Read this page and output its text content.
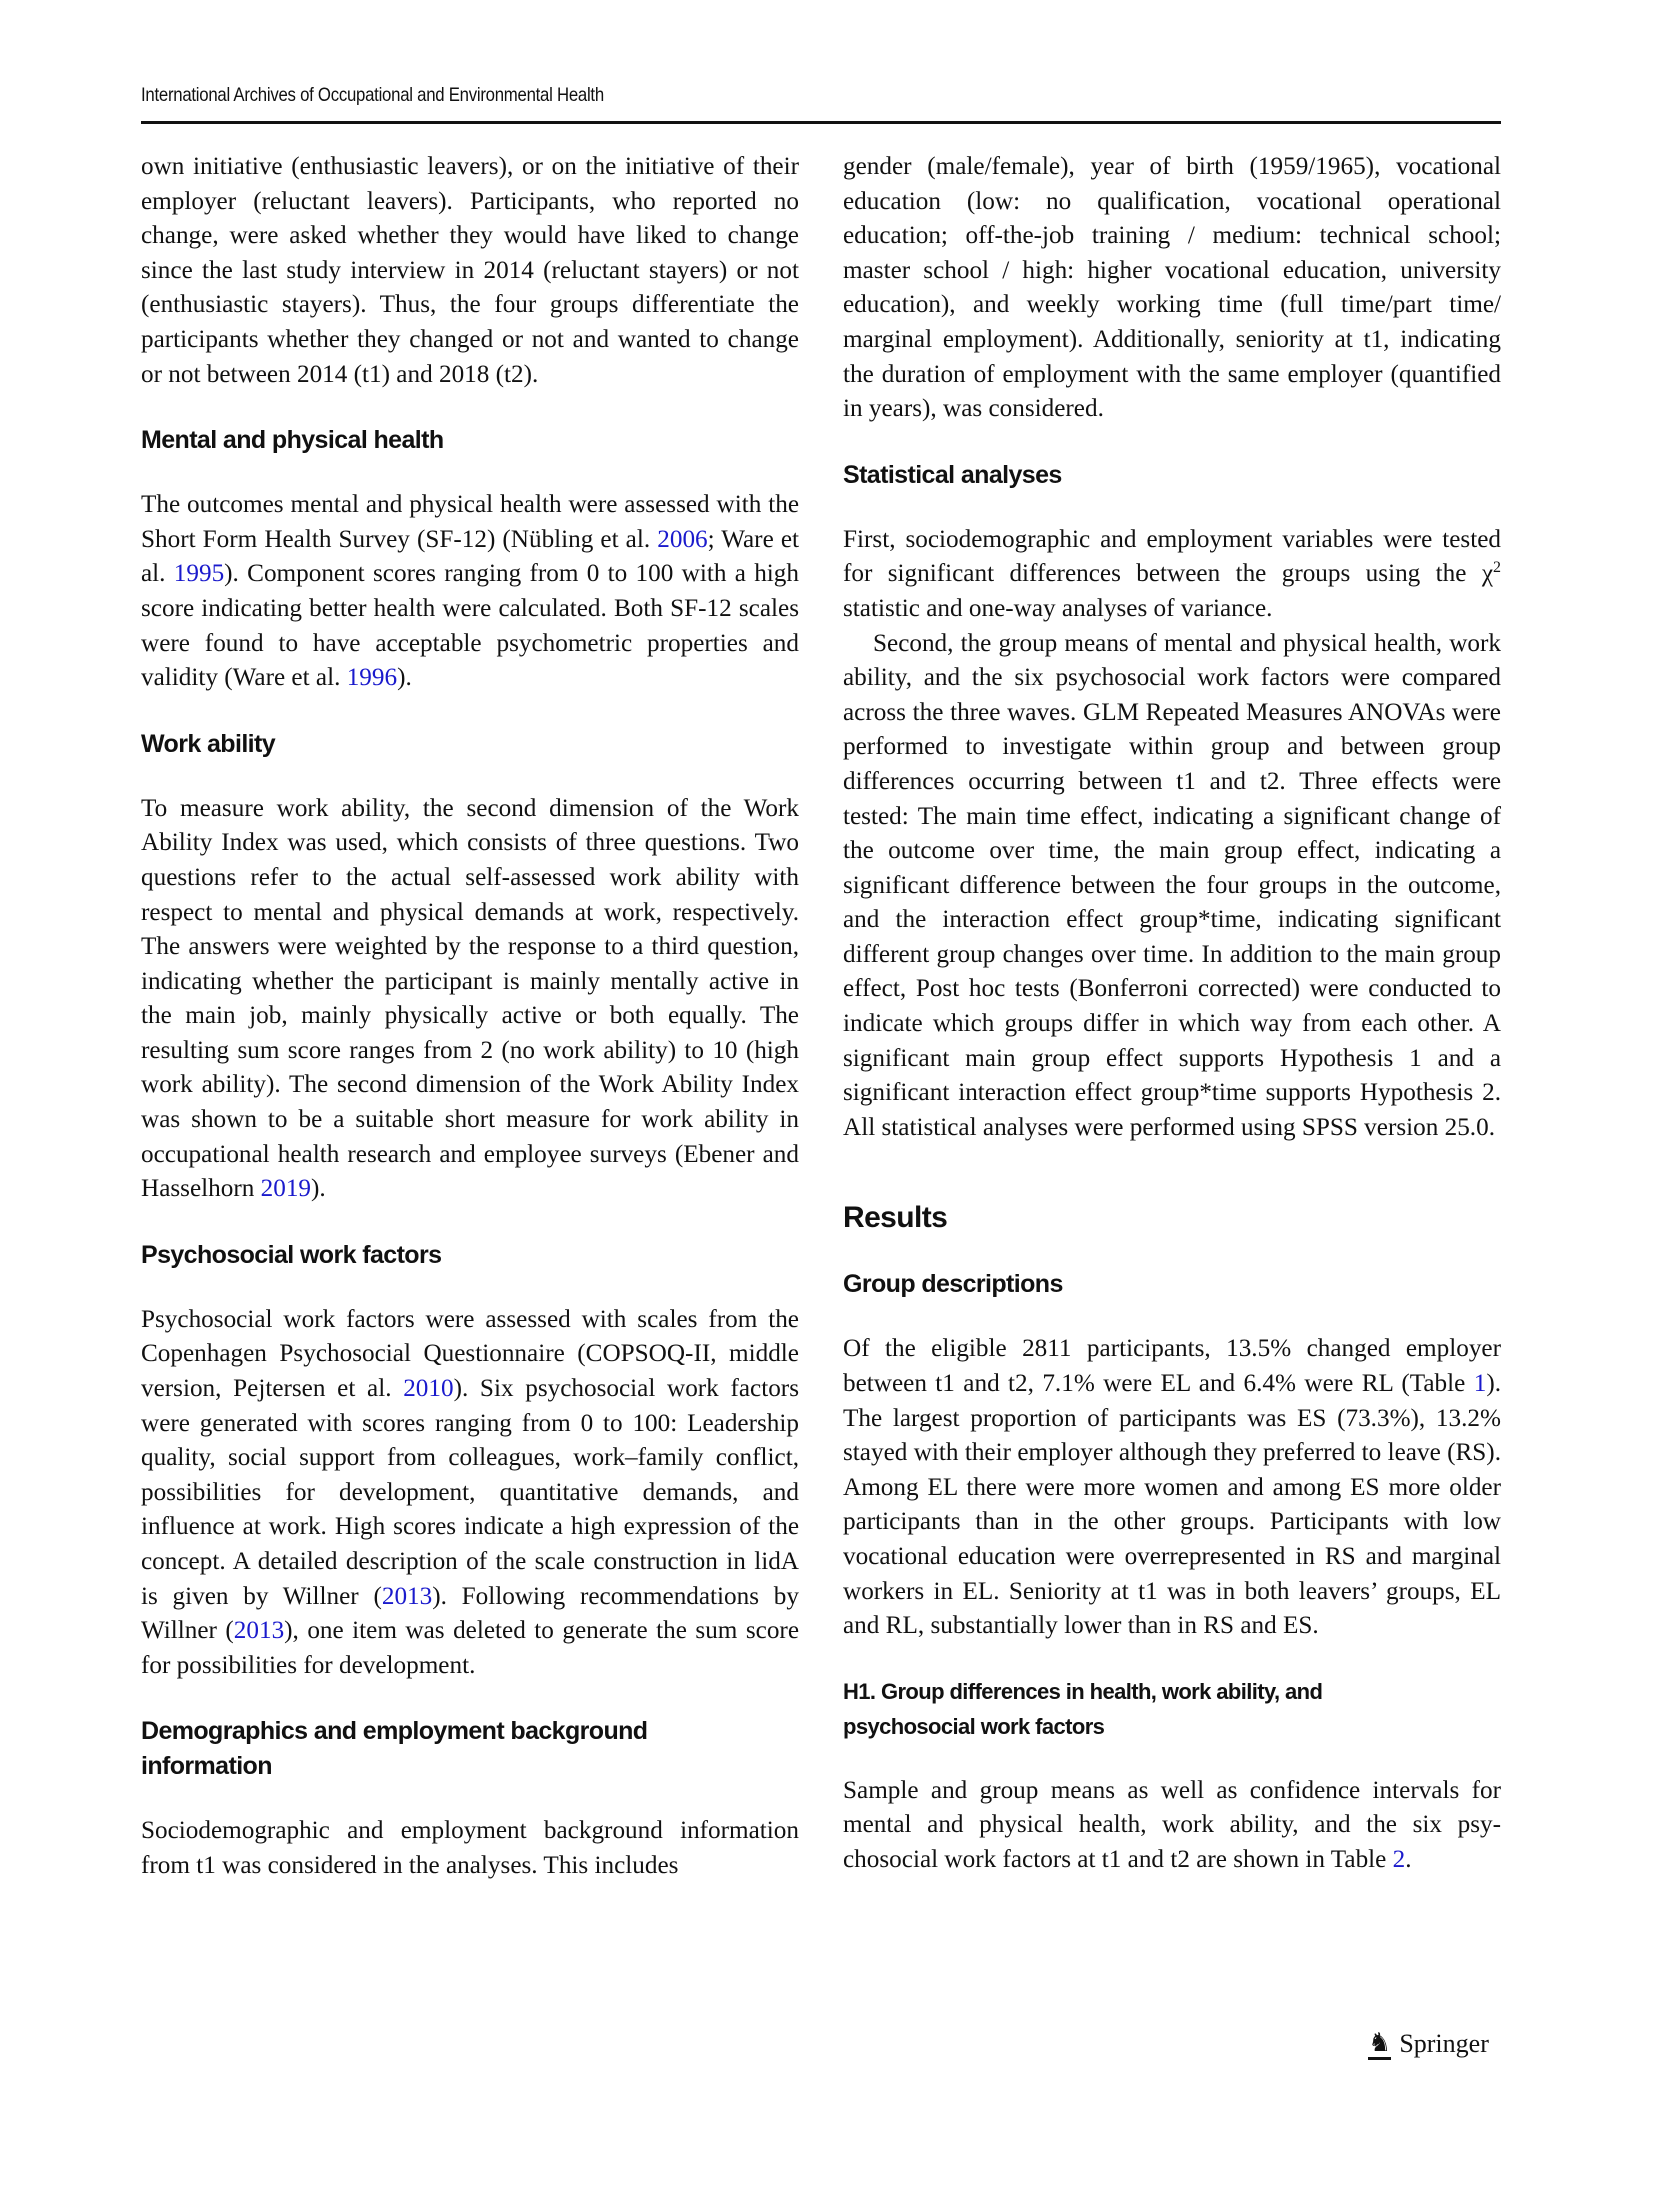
International Archives of Occupational and Environmental Health

own initiative (enthusiastic leavers), or on the initiative of their employer (reluctant leavers). Participants, who reported no change, were asked whether they would have liked to change since the last study interview in 2014 (reluctant stayers) or not (enthusiastic stayers). Thus, the four groups differentiate the participants whether they changed or not and wanted to change or not between 2014 (t1) and 2018 (t2).

Mental and physical health

The outcomes mental and physical health were assessed with the Short Form Health Survey (SF-12) (Nübling et al. 2006; Ware et al. 1995). Component scores ranging from 0 to 100 with a high score indicating better health were calculated. Both SF-12 scales were found to have acceptable psychometric properties and validity (Ware et al. 1996).

Work ability

To measure work ability, the second dimension of the Work Ability Index was used, which consists of three questions. Two questions refer to the actual self-assessed work ability with respect to mental and physical demands at work, respectively. The answers were weighted by the response to a third question, indicating whether the participant is mainly mentally active in the main job, mainly physically active or both equally. The resulting sum score ranges from 2 (no work ability) to 10 (high work ability). The second dimension of the Work Ability Index was shown to be a suitable short measure for work ability in occupational health research and employee surveys (Ebener and Hasselhorn 2019).

Psychosocial work factors

Psychosocial work factors were assessed with scales from the Copenhagen Psychosocial Questionnaire (COPSOQ-II, middle version, Pejtersen et al. 2010). Six psychosocial work factors were generated with scores ranging from 0 to 100: Leadership quality, social support from colleagues, work–family conflict, possibilities for development, quantitative demands, and influence at work. High scores indicate a high expression of the concept. A detailed description of the scale construction in lidA is given by Willner (2013). Following recommendations by Willner (2013), one item was deleted to generate the sum score for possibilities for development.

Demographics and employment background information

Sociodemographic and employment background information from t1 was considered in the analyses. This includes

gender (male/female), year of birth (1959/1965), vocational education (low: no qualification, vocational operational education; off-the-job training / medium: technical school; master school / high: higher vocational education, university education), and weekly working time (full time/part time/ marginal employment). Additionally, seniority at t1, indicating the duration of employment with the same employer (quantified in years), was considered.

Statistical analyses

First, sociodemographic and employment variables were tested for significant differences between the groups using the $\chi^2$ statistic and one-way analyses of variance.

Second, the group means of mental and physical health, work ability, and the six psychosocial work factors were compared across the three waves. GLM Repeated Measures ANOVAs were performed to investigate within group and between group differences occurring between t1 and t2. Three effects were tested: The main time effect, indicating a significant change of the outcome over time, the main group effect, indicating a significant difference between the four groups in the outcome, and the interaction effect group*time, indicating significant different group changes over time. In addition to the main group effect, Post hoc tests (Bonferroni corrected) were conducted to indicate which groups differ in which way from each other. A significant main group effect supports Hypothesis 1 and a significant interaction effect group*time supports Hypothesis 2. All statistical analyses were performed using SPSS version 25.0.

Results
Group descriptions

Of the eligible 2811 participants, 13.5% changed employer between t1 and t2, 7.1% were EL and 6.4% were RL (Table 1). The largest proportion of participants was ES (73.3%), 13.2% stayed with their employer although they preferred to leave (RS). Among EL there were more women and among ES more older participants than in the other groups. Participants with low vocational education were overrepresented in RS and marginal workers in EL. Seniority at t1 was in both leavers’ groups, EL and RL, substantially lower than in RS and ES.

H1. Group differences in health, work ability, and psychosocial work factors

Sample and group means as well as confidence intervals for mental and physical health, work ability, and the six psychosocial work factors at t1 and t2 are shown in Table 2.

♞ Springer
